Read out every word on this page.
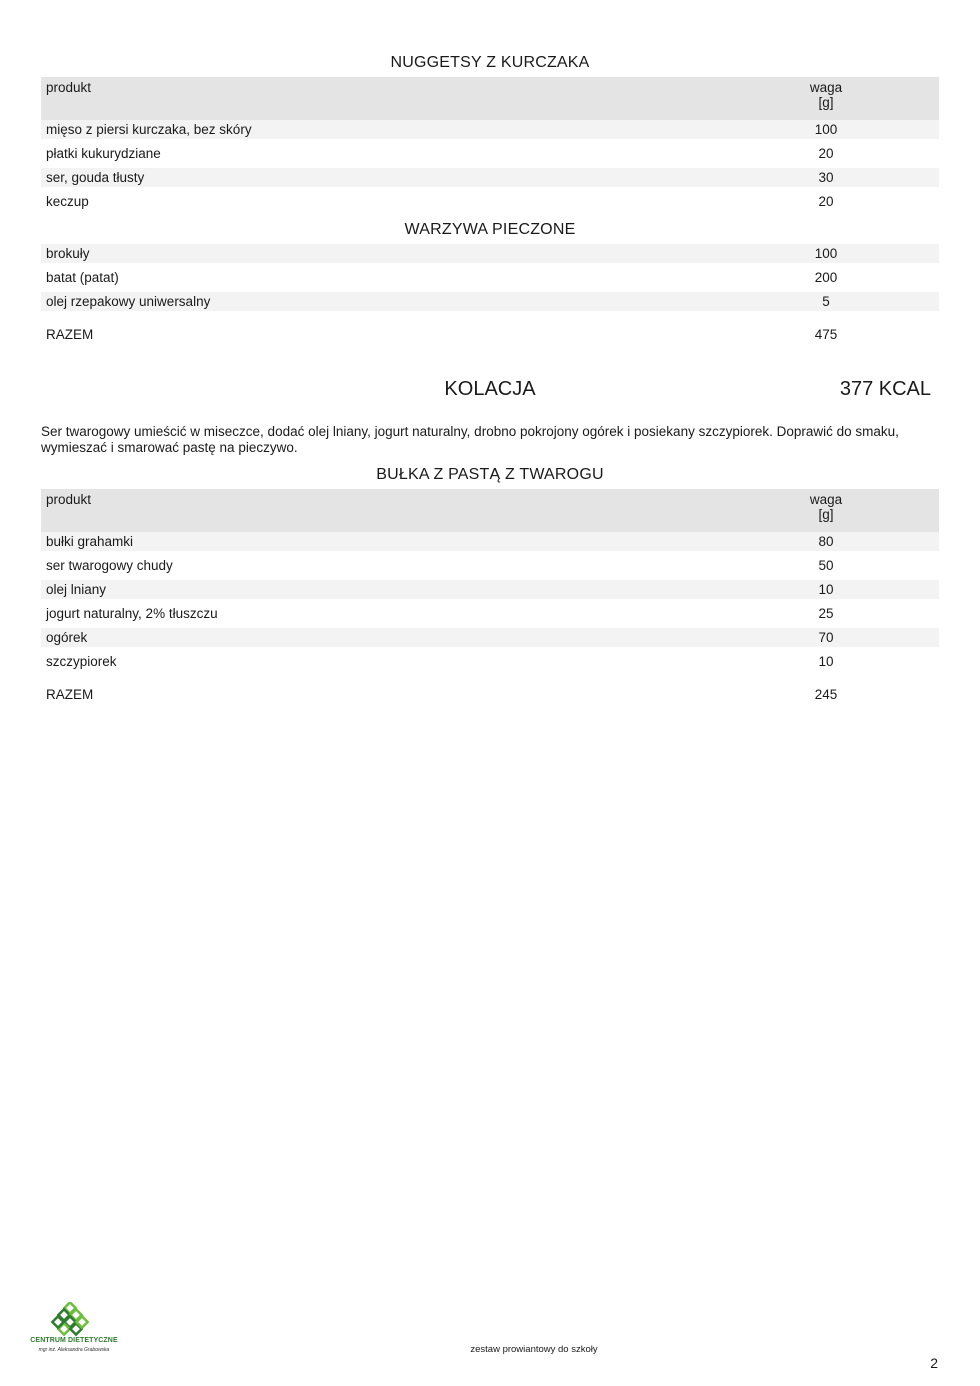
NUGGETSY Z KURCZAKA
produkt	waga
[g]
mięso z piersi kurczaka, bez skóry	100
płatki kukurydziane	20
ser, gouda tłusty	30
keczup	20
WARZYWA PIECZONE
brokuły	100
batat (patat)	200
olej rzepakowy uniwersalny	5
RAZEM	475
KOLACJA	377 KCAL
Ser twarogowy umieścić w miseczce, dodać olej lniany, jogurt naturalny, drobno pokrojony ogórek i posiekany szczypiorek. Doprawić do smaku, wymieszać i smarować pastę na pieczywo.
BUŁKA Z PASTĄ Z TWAROGU
produkt	waga
[g]
bułki grahamki	80
ser twarogowy chudy	50
olej lniany	10
jogurt naturalny, 2% tłuszczu	25
ogórek	70
szczypiorek	10
RAZEM	245
CENTRUM DIETETYCZNE
mgr inż. Aleksandra Grabowska	zestaw prowiantowy do szkoły
2
